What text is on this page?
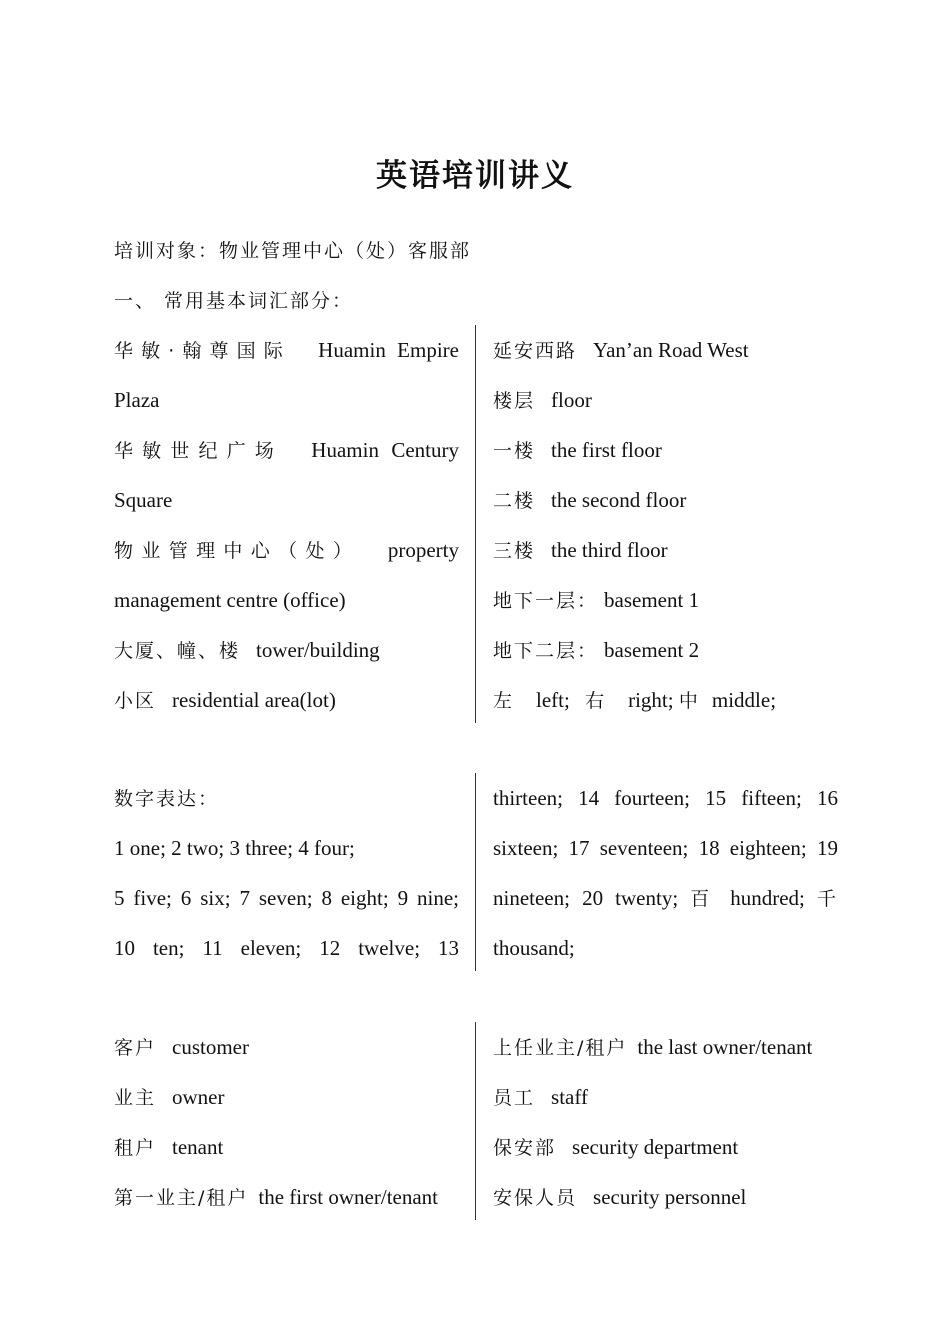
英语培训讲义
培训对象：物业管理中心（处）客服部
一、 常用基本词汇部分：
华敏·翰尊国际 Huamin Empire
Plaza
华敏世纪广场 Huamin Century
Square
物业管理中心（处） property
management centre (office)
大厦、幢、楼 tower/building
小区 residential area(lot)
延安西路 Yan’an Road West
楼层 floor
一楼 the first floor
二楼 the second floor
三楼 the third floor
地下一层： basement 1
地下二层： basement 2
左 left; 右 right; 中 middle;
数字表达：
1 one; 2 two; 3 three; 4 four;
5 five; 6 six; 7 seven; 8 eight; 9 nine;
10 ten; 11 eleven; 12 twelve; 13
thirteen; 14 fourteen; 15 fifteen; 16
sixteen; 17 seventeen; 18 eighteen; 19
nineteen; 20 twenty; 百 hundred; 千
thousand;
客户 customer
业主 owner
租户 tenant
第一业主/租户 the first owner/tenant
上任业主/租户 the last owner/tenant
员工 staff
保安部 security department
安保人员 security personnel
